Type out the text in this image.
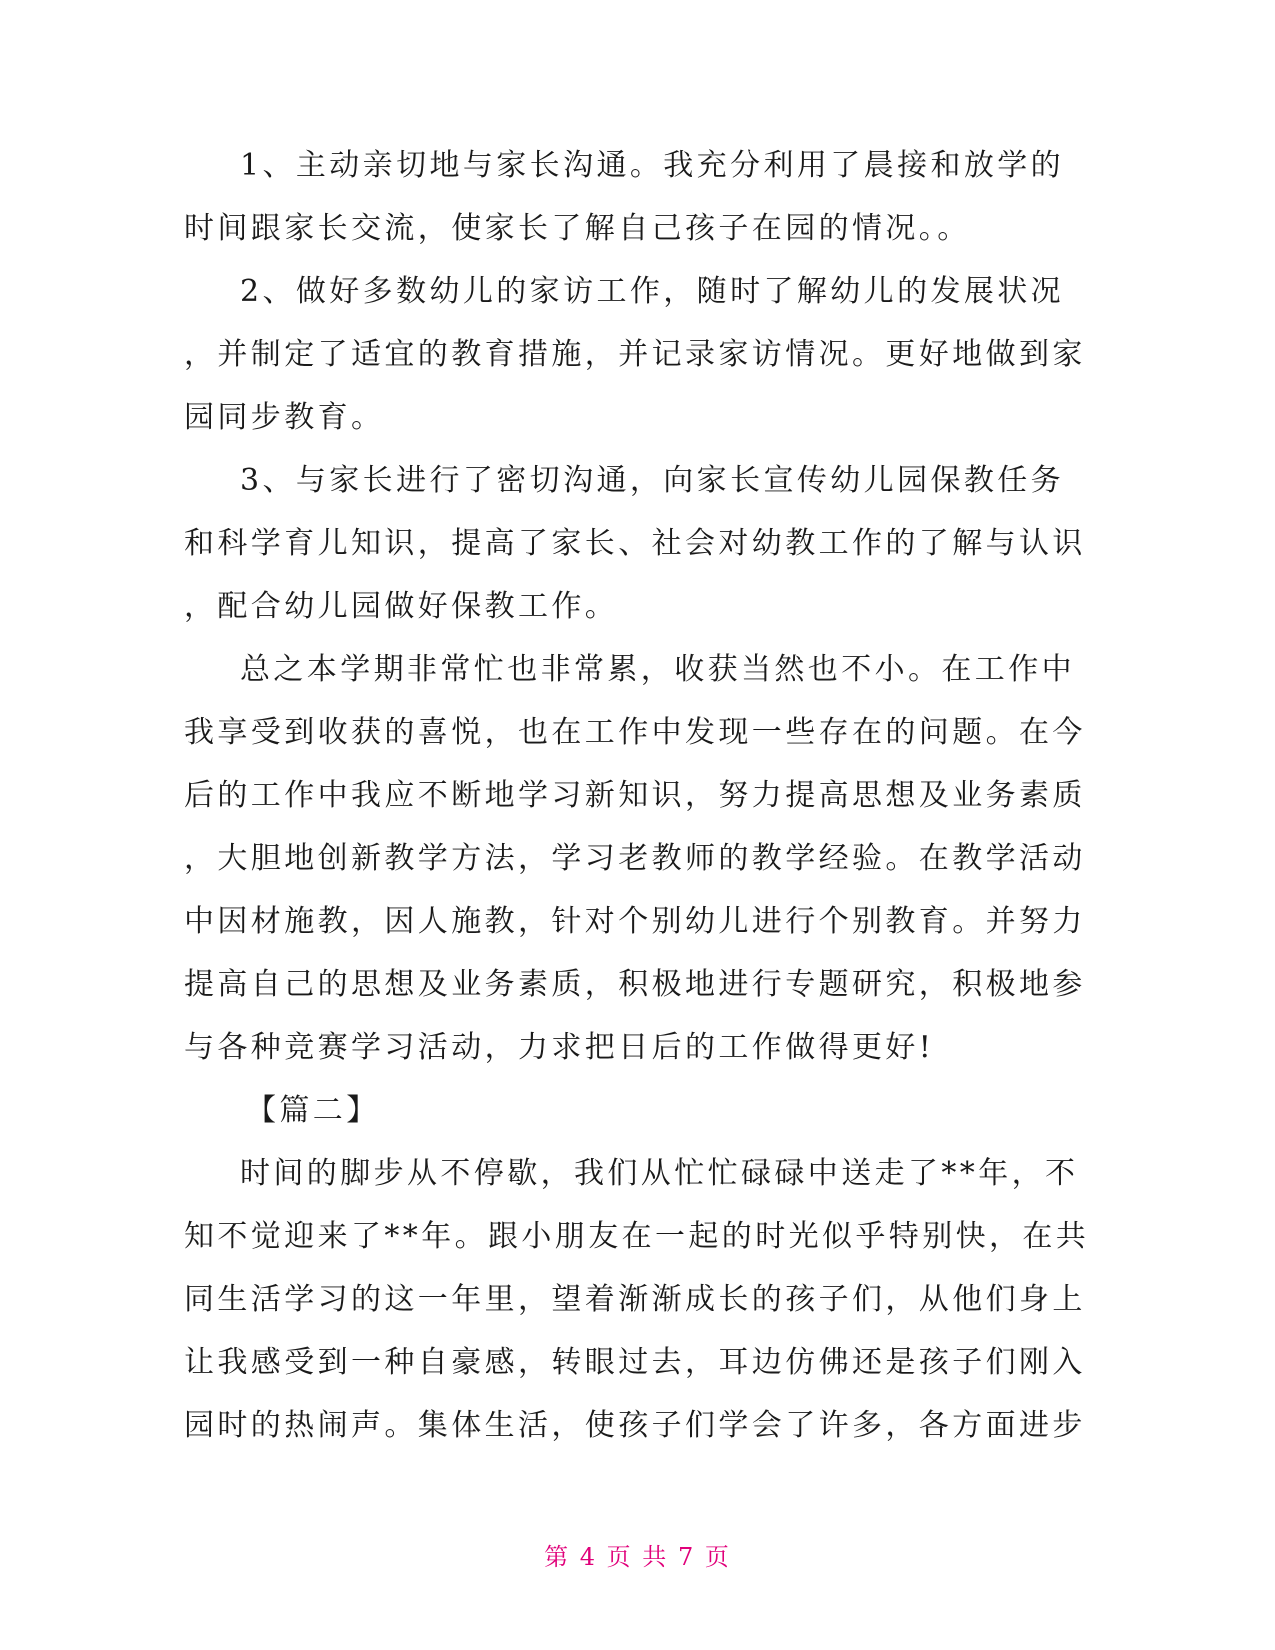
1、主动亲切地与家长沟通。我充分利用了晨接和放学的
时间跟家长交流，使家长了解自己孩子在园的情况。。
2、做好多数幼儿的家访工作，随时了解幼儿的发展状况
，并制定了适宜的教育措施，并记录家访情况。更好地做到家
园同步教育。
3、与家长进行了密切沟通，向家长宣传幼儿园保教任务
和科学育儿知识，提高了家长、社会对幼教工作的了解与认识
，配合幼儿园做好保教工作。
总之本学期非常忙也非常累，收获当然也不小。在工作中
我享受到收获的喜悦，也在工作中发现一些存在的问题。在今
后的工作中我应不断地学习新知识，努力提高思想及业务素质
，大胆地创新教学方法，学习老教师的教学经验。在教学活动
中因材施教，因人施教，针对个别幼儿进行个别教育。并努力
提高自己的思想及业务素质，积极地进行专题研究，积极地参
与各种竞赛学习活动，力求把日后的工作做得更好!
【篇二】
时间的脚步从不停歇，我们从忙忙碌碌中送走了**年，不
知不觉迎来了**年。跟小朋友在一起的时光似乎特别快，在共
同生活学习的这一年里，望着渐渐成长的孩子们，从他们身上
让我感受到一种自豪感，转眼过去，耳边仿佛还是孩子们刚入
园时的热闹声。集体生活，使孩子们学会了许多，各方面进步
第 4 页 共 7 页
